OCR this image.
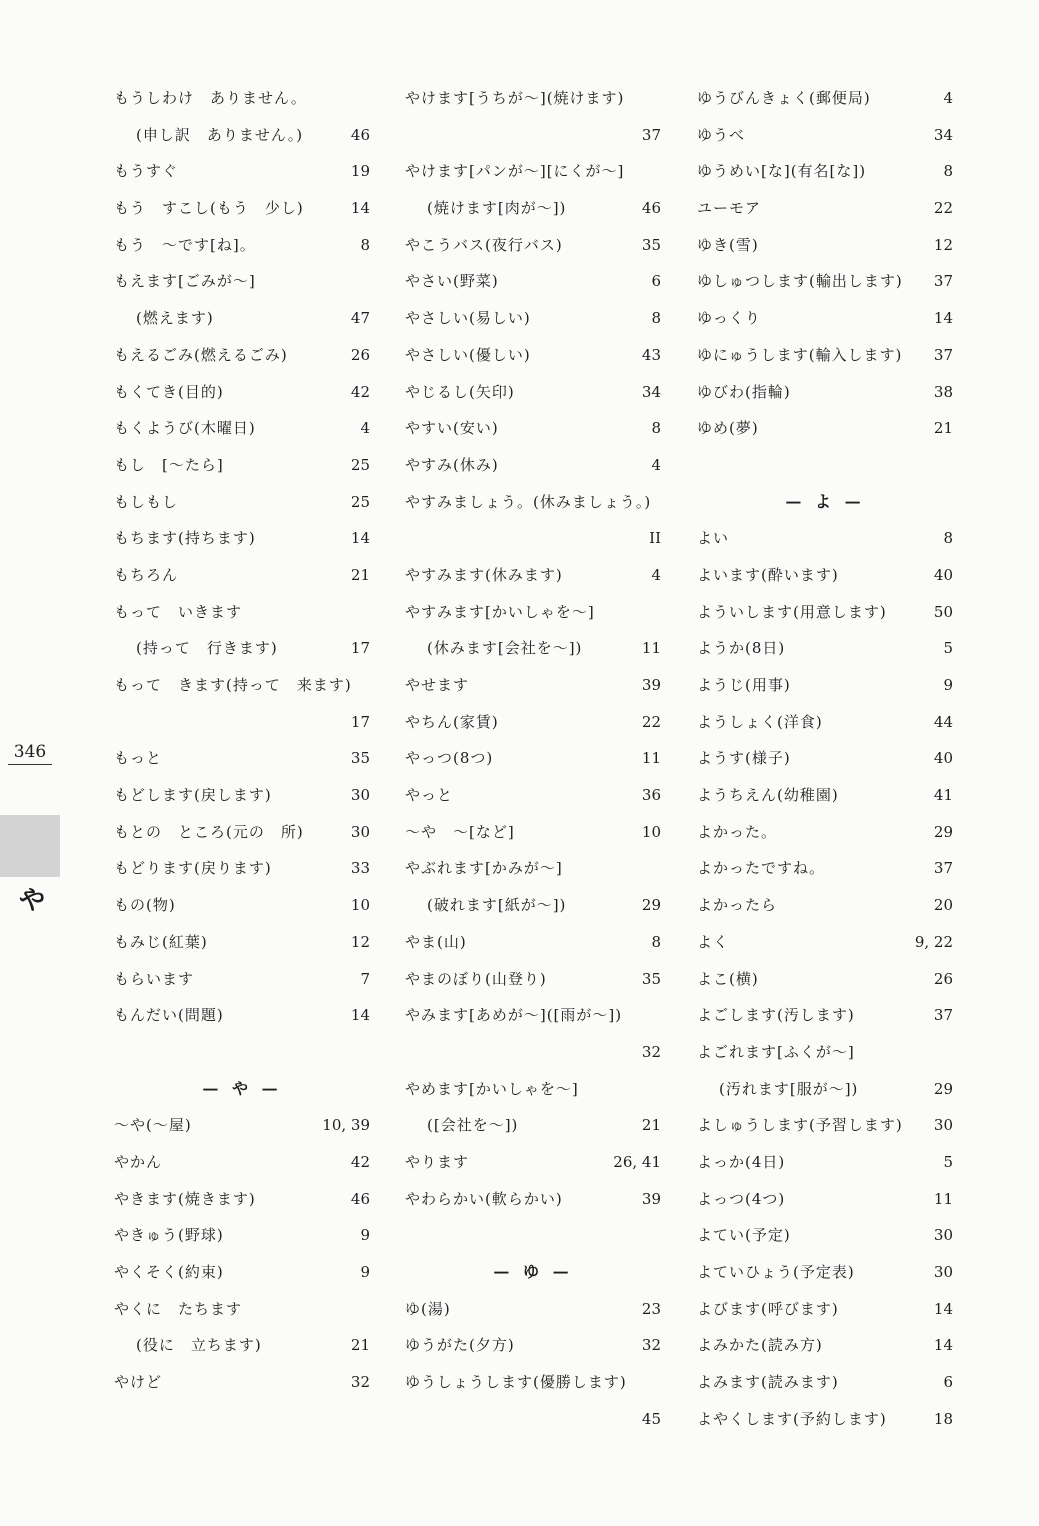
もうしわけ　ありません。
(申し訳　ありません。)	46
もうすぐ	19
もう　すこし(もう　少し)	14
もう　～です[ね]。	8
もえます[ごみが～]
(燃えます)	47
もえるごみ(燃えるごみ)	26
もくてき(目的)	42
もくようび(木曜日)	4
もし　[～たら]	25
もしもし	25
もちます(持ちます)	14
もちろん	21
もって　いきます
(持って　行きます)	17
もって　きます(持って　来ます)
17
もっと	35
もどします(戻します)	30
もとの　ところ(元の　所)	30
もどります(戻ります)	33
もの(物)	10
もみじ(紅葉)	12
もらいます	7
もんだい(問題)	14
— や —
～や(～屋)	10, 39
やかん	42
やきます(焼きます)	46
やきゅう(野球)	9
やくそく(約束)	9
やくに　たちます
(役に　立ちます)	21
やけど	32
やけます[うちが～](焼けます)
37
やけます[パンが～][にくが～]
(焼けます[肉が～])	46
やこうバス(夜行バス)	35
やさい(野菜)	6
やさしい(易しい)	8
やさしい(優しい)	43
やじるし(矢印)	34
やすい(安い)	8
やすみ(休み)	4
やすみましょう。(休みましょう。)
II
やすみます(休みます)	4
やすみます[かいしゃを～]
(休みます[会社を～])	11
やせます	39
やちん(家賃)	22
やっつ(8つ)	11
やっと	36
～や　～[など]	10
やぶれます[かみが～]
(破れます[紙が～])	29
やま(山)	8
やまのぼり(山登り)	35
やみます[あめが～]([雨が～])
32
やめます[かいしゃを～]
([会社を～])	21
やります	26, 41
やわらかい(軟らかい)	39
— ゆ —
ゆ(湯)	23
ゆうがた(夕方)	32
ゆうしょうします(優勝します)
45
ゆうびんきょく(郵便局)	4
ゆうべ	34
ゆうめい[な](有名[な])	8
ユーモア	22
ゆき(雪)	12
ゆしゅつします(輸出します) 37
ゆっくり	14
ゆにゅうします(輸入します) 37
ゆびわ(指輪)	38
ゆめ(夢)	21
— よ —
よい	8
よいます(酔います)	40
よういします(用意します)	50
ようか(8日)	5
ようじ(用事)	9
ようしょく(洋食)	44
ようす(様子)	40
ようちえん(幼稚園)	41
よかった。	29
よかったですね。	37
よかったら	20
よく	9, 22
よこ(横)	26
よごします(汚します)	37
よごれます[ふくが～]
(汚れます[服が～])	29
よしゅうします(予習します) 30
よっか(4日)	5
よっつ(4つ)	11
よてい(予定)	30
よていひょう(予定表)	30
よびます(呼びます)	14
よみかた(読み方)	14
よみます(読みます)	6
よやくします(予約します)	18
346
や
